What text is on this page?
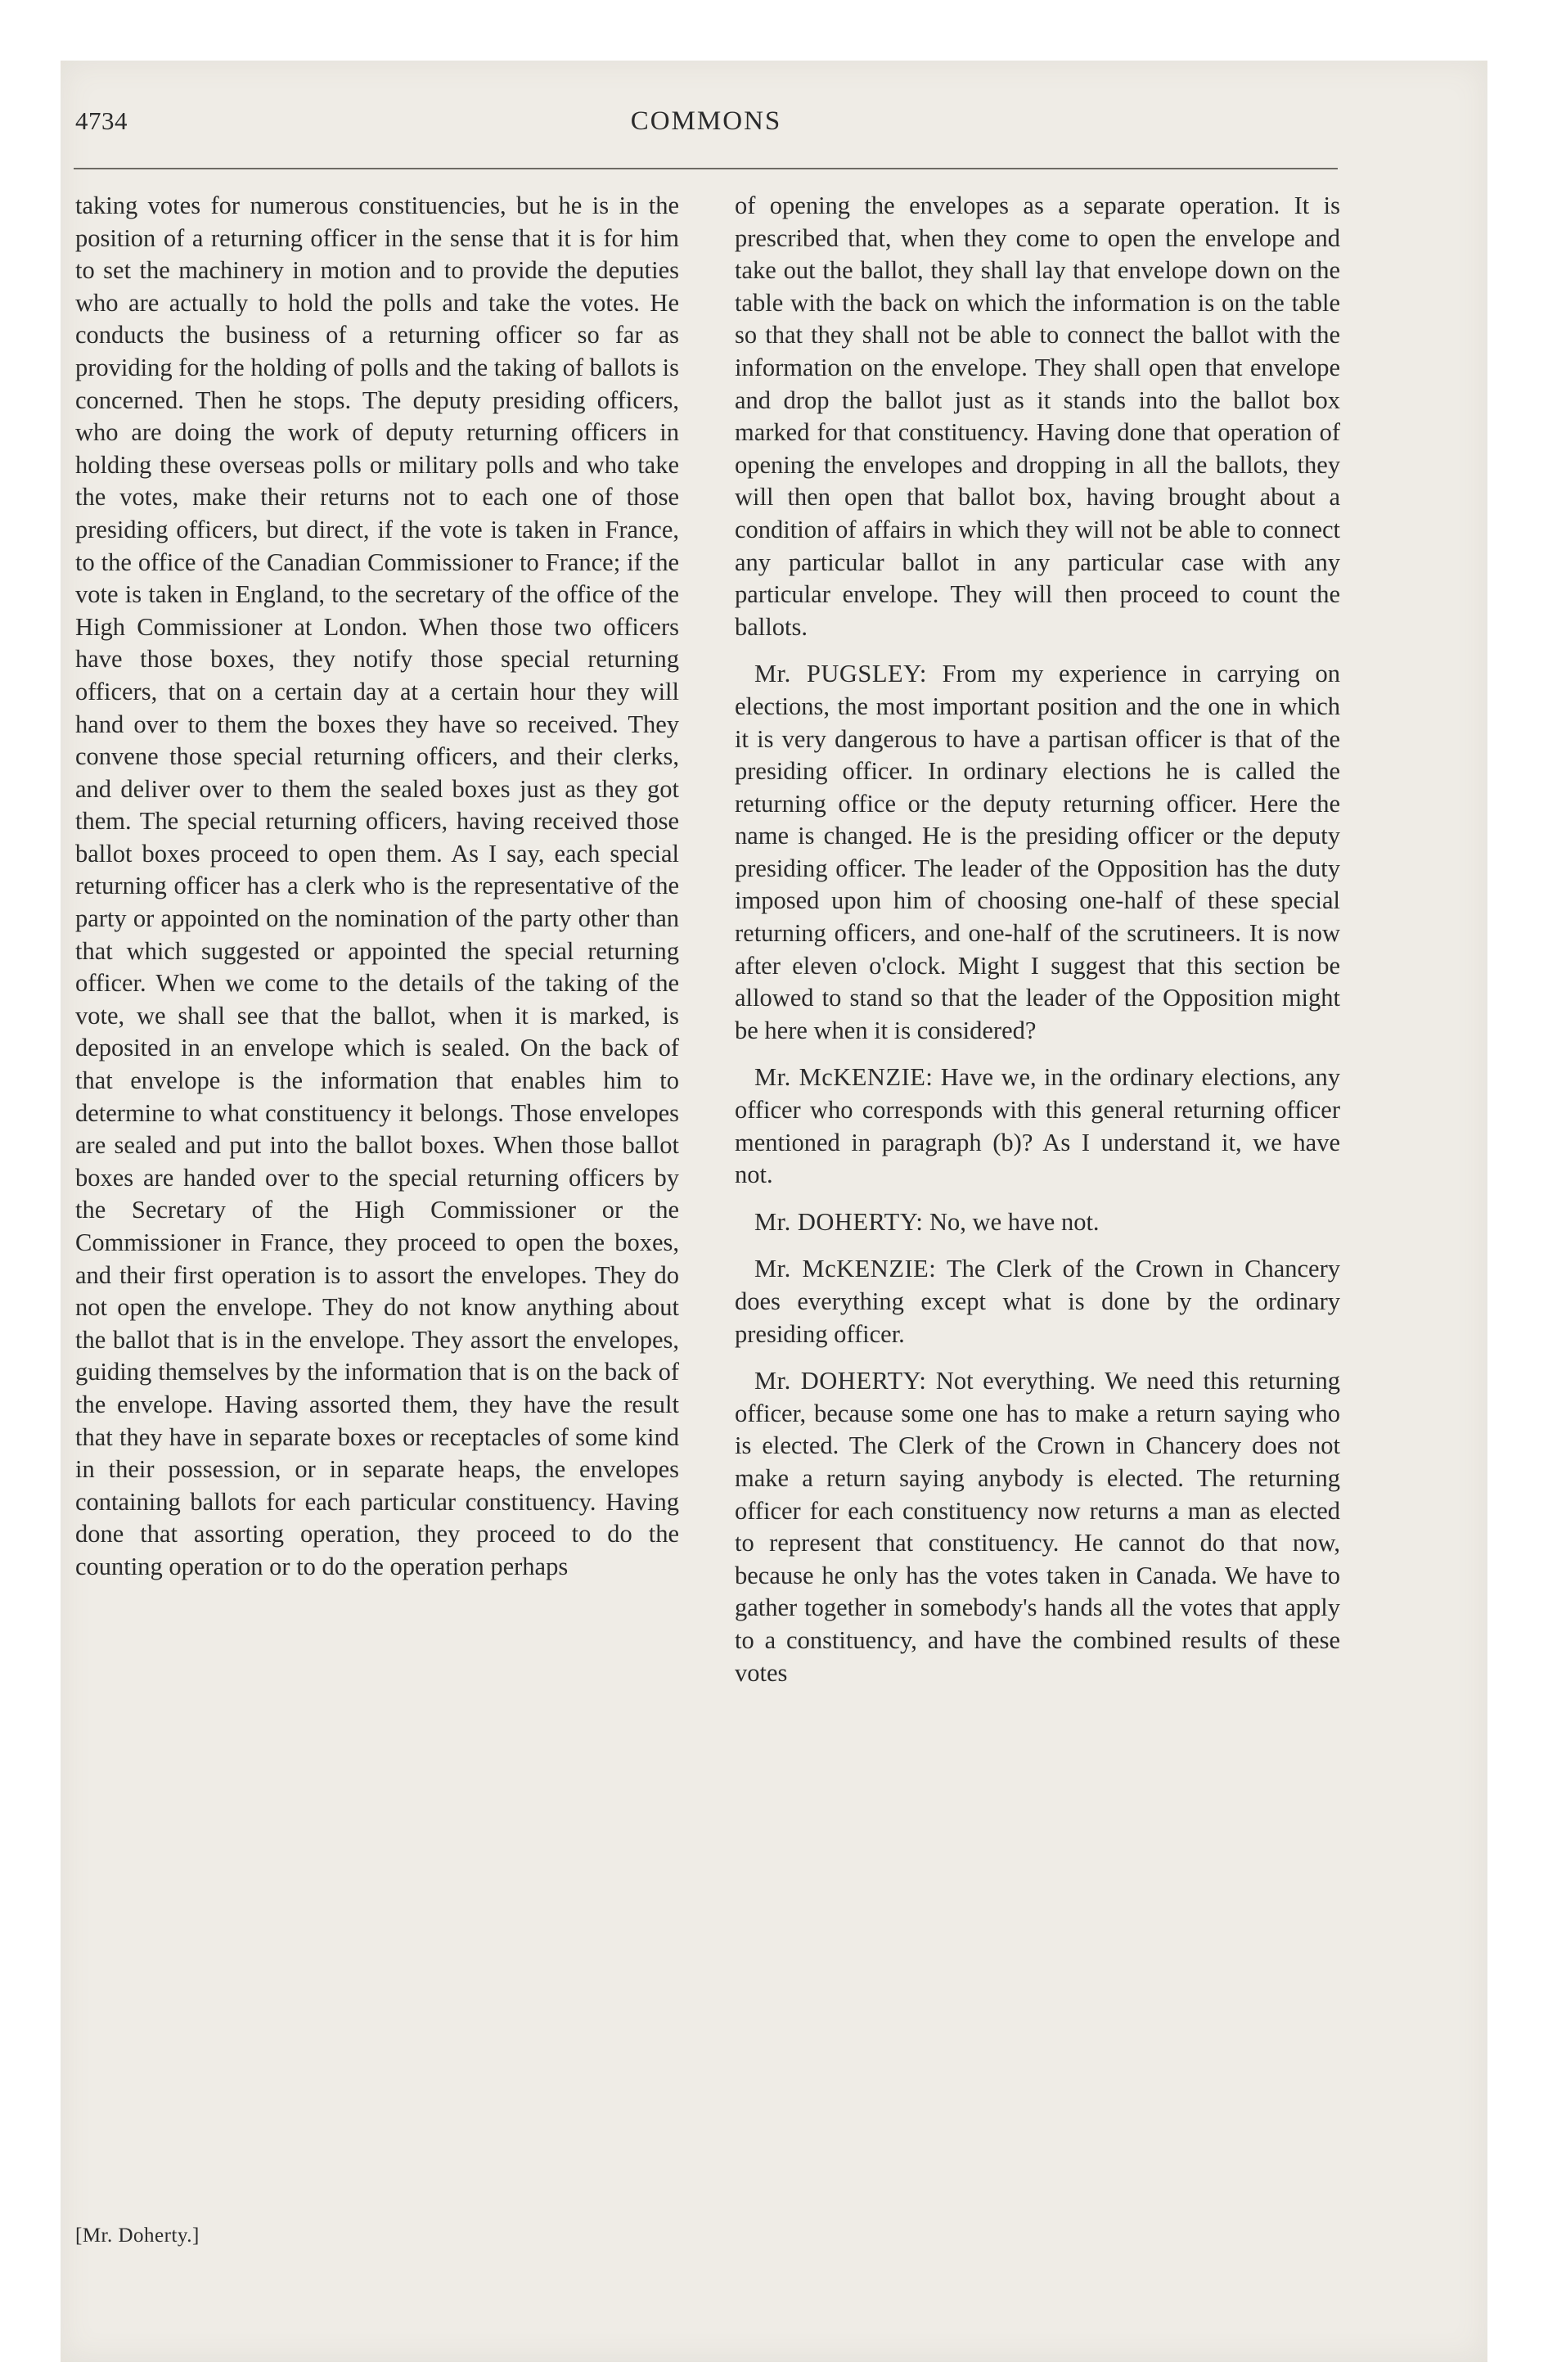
4734	COMMONS

taking votes for numerous constituencies, but he is in the position of a returning officer in the sense that it is for him to set the machinery in motion and to provide the deputies who are actually to hold the polls and take the votes. He conducts the business of a returning officer so far as providing for the holding of polls and the taking of ballots is concerned. Then he stops. The deputy presiding officers, who are doing the work of deputy returning officers in holding these overseas polls or military polls and who take the votes, make their returns not to each one of those presiding officers, but direct, if the vote is taken in France, to the office of the Canadian Commissioner to France; if the vote is taken in England, to the secretary of the office of the High Commissioner at London. When those two officers have those boxes, they notify those special returning officers, that on a certain day at a certain hour they will hand over to them the boxes they have so received. They convene those special returning officers, and their clerks, and deliver over to them the sealed boxes just as they got them. The special returning officers, having received those ballot boxes proceed to open them. As I say, each special returning officer has a clerk who is the representative of the party or appointed on the nomination of the party other than that which suggested or appointed the special returning officer. When we come to the details of the taking of the vote, we shall see that the ballot, when it is marked, is deposited in an envelope which is sealed. On the back of that envelope is the information that enables him to determine to what constituency it belongs. Those envelopes are sealed and put into the ballot boxes. When those ballot boxes are handed over to the special returning officers by the Secretary of the High Commissioner or the Commissioner in France, they proceed to open the boxes, and their first operation is to assort the envelopes. They do not open the envelope. They do not know anything about the ballot that is in the envelope. They assort the envelopes, guiding themselves by the information that is on the back of the envelope. Having assorted them, they have the result that they have in separate boxes or receptacles of some kind in their possession, or in separate heaps, the envelopes containing ballots for each particular constituency. Having done that assorting operation, they proceed to do the counting operation or to do the operation perhaps

of opening the envelopes as a separate operation. It is prescribed that, when they come to open the envelope and take out the ballot, they shall lay that envelope down on the table with the back on which the information is on the table so that they shall not be able to connect the ballot with the information on the envelope. They shall open that envelope and drop the ballot just as it stands into the ballot box marked for that constituency. Having done that operation of opening the envelopes and dropping in all the ballots, they will then open that ballot box, having brought about a condition of affairs in which they will not be able to connect any particular ballot in any particular case with any particular envelope. They will then proceed to count the ballots.

Mr. PUGSLEY: From my experience in carrying on elections, the most important position and the one in which it is very dangerous to have a partisan officer is that of the presiding officer. In ordinary elections he is called the returning office or the deputy returning officer. Here the name is changed. He is the presiding officer or the deputy presiding officer. The leader of the Opposition has the duty imposed upon him of choosing one-half of these special returning officers, and one-half of the scrutineers. It is now after eleven o'clock. Might I suggest that this section be allowed to stand so that the leader of the Opposition might be here when it is considered?

Mr. McKENZIE: Have we, in the ordinary elections, any officer who corresponds with this general returning officer mentioned in paragraph (b)? As I understand it, we have not.

Mr. DOHERTY: No, we have not.

Mr. McKENZIE: The Clerk of the Crown in Chancery does everything except what is done by the ordinary presiding officer.

Mr. DOHERTY: Not everything. We need this returning officer, because some one has to make a return saying who is elected. The Clerk of the Crown in Chancery does not make a return saying anybody is elected. The returning officer for each constituency now returns a man as elected to represent that constituency. He cannot do that now, because he only has the votes taken in Canada. We have to gather together in somebody's hands all the votes that apply to a constituency, and have the combined results of these votes

[Mr. Doherty.]
